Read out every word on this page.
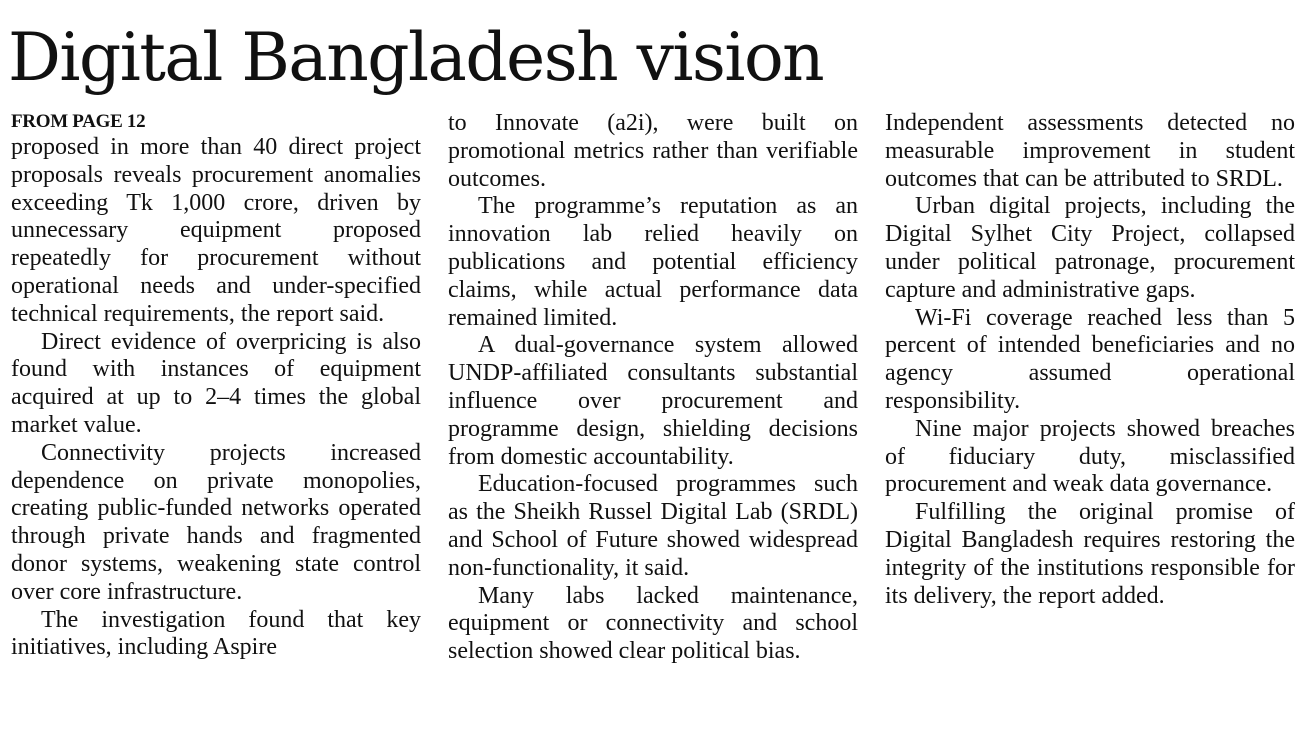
Digital Bangladesh vision
FROM PAGE 12

proposed in more than 40 direct project proposals reveals procurement anomalies exceeding Tk 1,000 crore, driven by unnecessary equipment proposed repeatedly for procurement without operational needs and under-specified technical requirements, the report said.

Direct evidence of overpricing is also found with instances of equipment acquired at up to 2–4 times the global market value.

Connectivity projects increased dependence on private monopolies, creating public-funded networks operated through private hands and fragmented donor systems, weakening state control over core infrastructure.

The investigation found that key initiatives, including Aspire

to Innovate (a2i), were built on promotional metrics rather than verifiable outcomes.

The programme’s reputation as an innovation lab relied heavily on publications and potential efficiency claims, while actual performance data remained limited.

A dual-governance system allowed UNDP-affiliated consultants substantial influence over procurement and programme design, shielding decisions from domestic accountability.

Education-focused programmes such as the Sheikh Russel Digital Lab (SRDL) and School of Future showed widespread non-functionality, it said.

Many labs lacked maintenance, equipment or connectivity and school selection showed clear political bias.

Independent assessments detected no measurable improvement in student outcomes that can be attributed to SRDL.

Urban digital projects, including the Digital Sylhet City Project, collapsed under political patronage, procurement capture and administrative gaps.

Wi-Fi coverage reached less than 5 percent of intended beneficiaries and no agency assumed operational responsibility.

Nine major projects showed breaches of fiduciary duty, misclassified procurement and weak data governance.

Fulfilling the original promise of Digital Bangladesh requires restoring the integrity of the institutions responsible for its delivery, the report added.
